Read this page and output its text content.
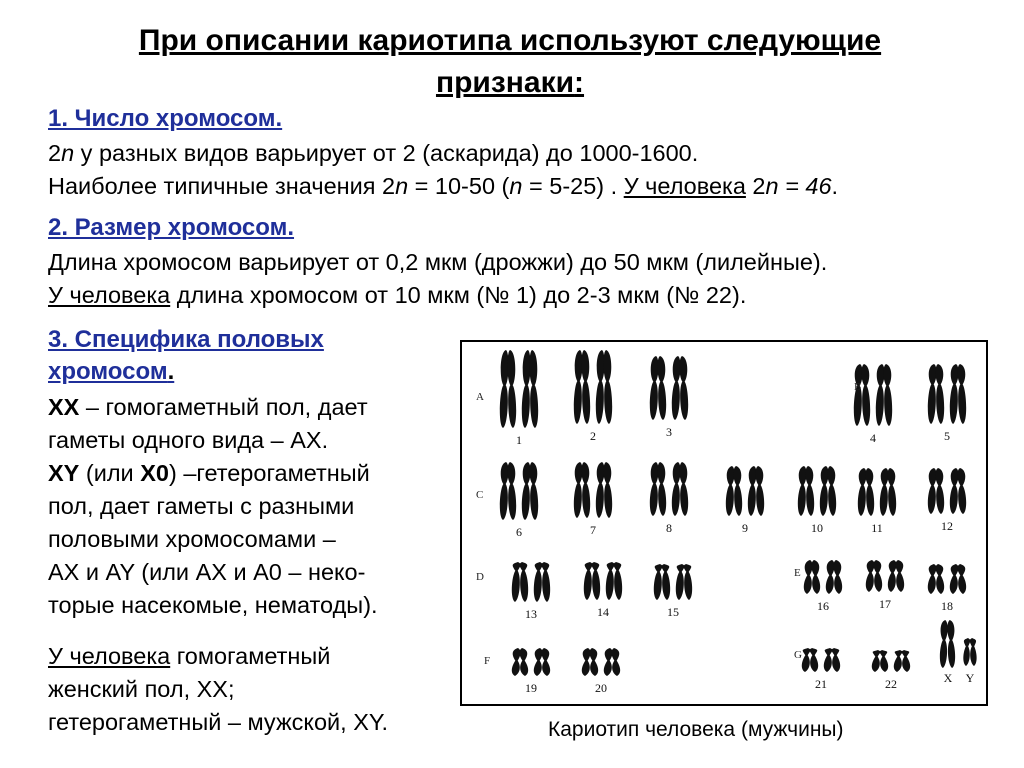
При описании кариотипа используют следующие
признаки:
1. Число хромосом.
2n у разных видов варьирует от 2 (аскарида) до 1000-1600.
Наиболее типичные значения 2n = 10-50 (n = 5-25) . У человека 2n = 46.
2. Размер хромосом.
Длина хромосом варьирует от 0,2 мкм (дрожжи) до 50 мкм (лилейные).
У человека длина хромосом от 10 мкм (№ 1) до 2-3 мкм (№ 22).
3. Специфика половых
хромосом.
XX – гомогаметный пол, дает
гаметы одного вида – AX.
XY (или X0) –гетерогаметный
пол, дает гаметы с разными
половыми хромосомами –
AX и AY (или AX и A0 – неко-
торые насекомые, нематоды).
У человека гомогаметный
женский пол, XX;
гетерогаметный – мужской, XY.
1	2	3	4	5
6	7	8	9	10	11	12
13	14	15	16	17	18
19	20	21	22	X Y
A
B
C
D	E
F	G
Кариотип человека (мужчины)
